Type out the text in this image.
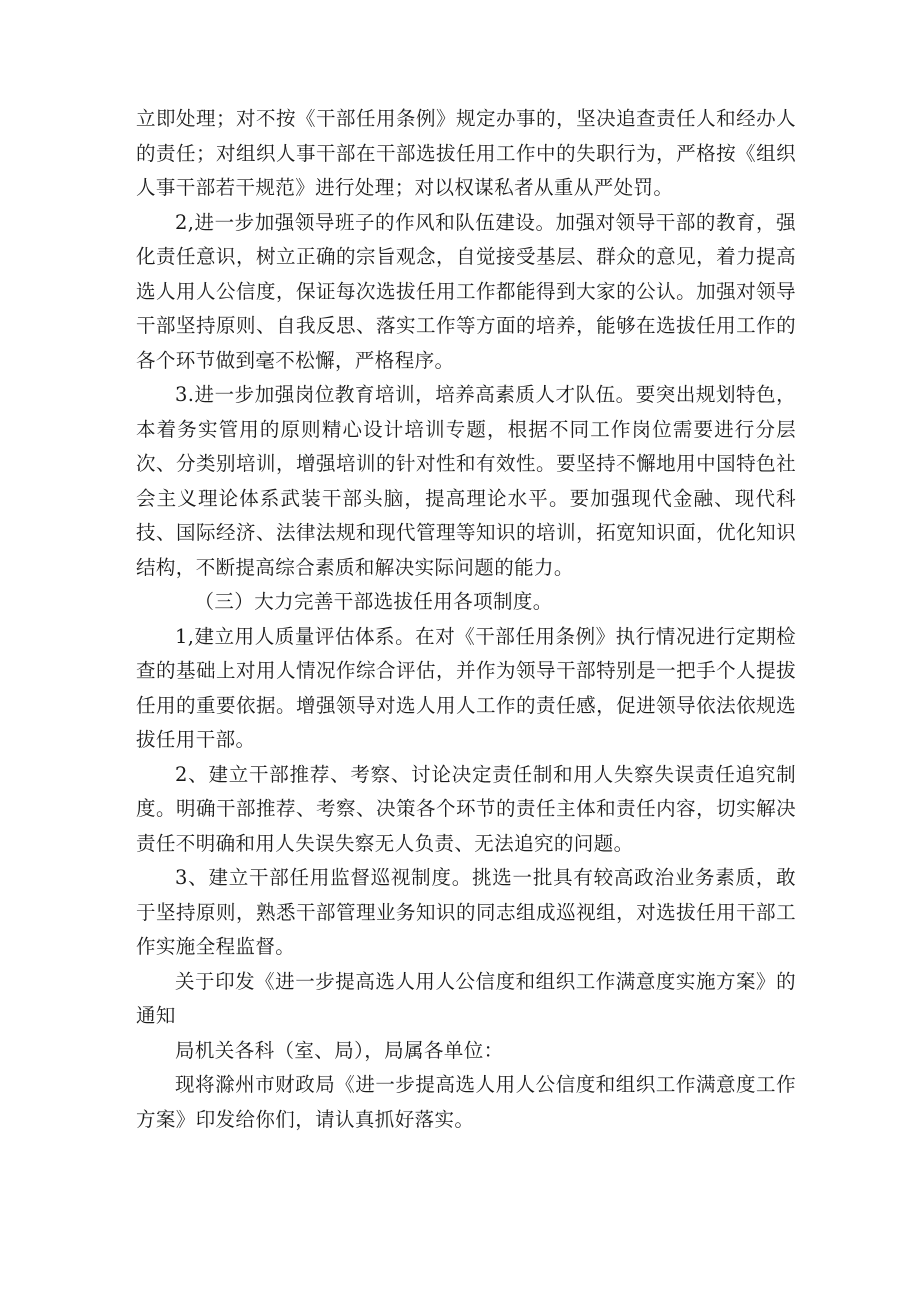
立即处理；对不按《干部任用条例》规定办事的，坚决追查责任人和经办人的责任；对组织人事干部在干部选拔任用工作中的失职行为，严格按《组织人事干部若干规范》进行处理；对以权谋私者从重从严处罚。

2,进一步加强领导班子的作风和队伍建设。加强对领导干部的教育，强化责任意识，树立正确的宗旨观念，自觉接受基层、群众的意见，着力提高选人用人公信度，保证每次选拔任用工作都能得到大家的公认。加强对领导干部坚持原则、自我反思、落实工作等方面的培养，能够在选拔任用工作的各个环节做到毫不松懈，严格程序。

3.进一步加强岗位教育培训，培养高素质人才队伍。要突出规划特色，本着务实管用的原则精心设计培训专题，根据不同工作岗位需要进行分层次、分类别培训，增强培训的针对性和有效性。要坚持不懈地用中国特色社会主义理论体系武装干部头脑，提高理论水平。要加强现代金融、现代科技、国际经济、法律法规和现代管理等知识的培训，拓宽知识面，优化知识结构，不断提高综合素质和解决实际问题的能力。

（三）大力完善干部选拔任用各项制度。

1,建立用人质量评估体系。在对《干部任用条例》执行情况进行定期检查的基础上对用人情况作综合评估，并作为领导干部特别是一把手个人提拔任用的重要依据。增强领导对选人用人工作的责任感，促进领导依法依规选拔任用干部。

2、建立干部推荐、考察、讨论决定责任制和用人失察失误责任追究制度。明确干部推荐、考察、决策各个环节的责任主体和责任内容，切实解决责任不明确和用人失误失察无人负责、无法追究的问题。

3、建立干部任用监督巡视制度。挑选一批具有较高政治业务素质，敢于坚持原则，熟悉干部管理业务知识的同志组成巡视组，对选拔任用干部工作实施全程监督。

关于印发《进一步提高选人用人公信度和组织工作满意度实施方案》的通知

局机关各科（室、局），局属各单位：

现将滁州市财政局《进一步提高选人用人公信度和组织工作满意度工作方案》印发给你们，请认真抓好落实。
